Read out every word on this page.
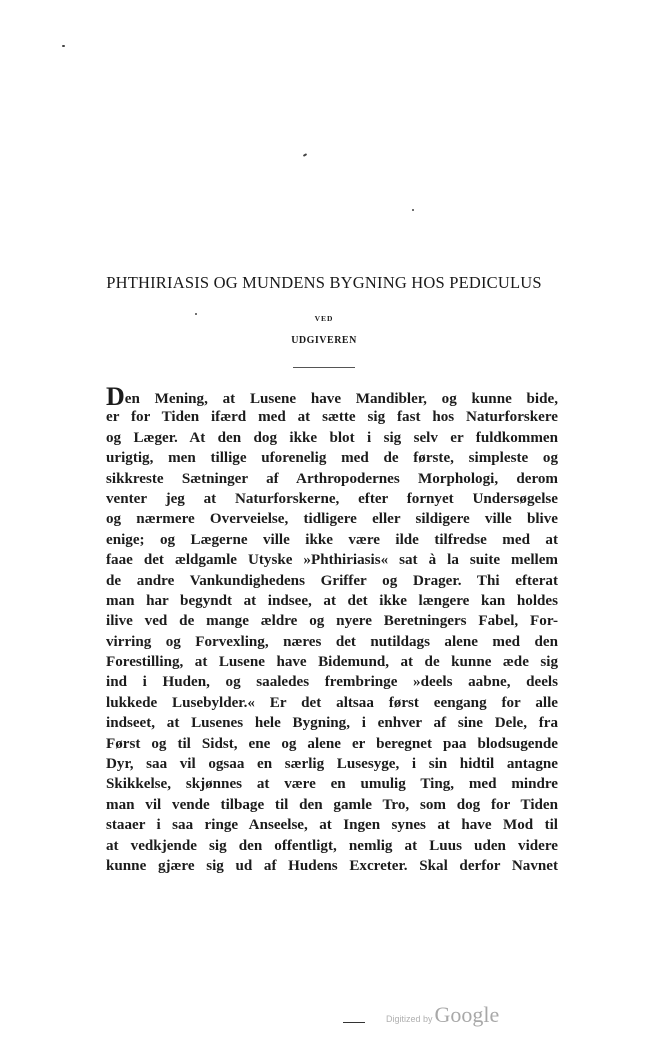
PHTHIRIASIS OG MUNDENS BYGNING HOS PEDICULUS
VED
UDGIVEREN
Den Mening, at Lusene have Mandibler, og kunne bide,
er for Tiden ifærd med at sætte sig fast hos Naturforskere
og Læger. At den dog ikke blot i sig selv er fuldkommen
urigtig, men tillige uforenelig med de første, simpleste og
sikkreste Sætninger af Arthropodernes Morphologi, derom
venter jeg at Naturforskerne, efter fornyet Undersøgelse
og nærmere Overveielse, tidligere eller sildigere ville blive
enige; og Lægerne ville ikke være ilde tilfredse med at
faae det ældgamle Utyske »Phthiriasis« sat à la suite mellem
de andre Vankundighedens Griffer og Drager. Thi efterat
man har begyndt at indsee, at det ikke længere kan holdes
ilive ved de mange ældre og nyere Beretningers Fabel, For-
virring og Forvexling, næres det nutildags alene med den
Forestilling, at Lusene have Bidemund, at de kunne æde sig
ind i Huden, og saaledes frembringe »deels aabne, deels
lukkede Lusebylder.« Er det altsaa først eengang for alle
indseet, at Lusenes hele Bygning, i enhver af sine Dele, fra
Først og til Sidst, ene og alene er beregnet paa blodsugende
Dyr, saa vil ogsaa en særlig Lusesyge, i sin hidtil antagne
Skikkelse, skjønnes at være en umulig Ting, med mindre
man vil vende tilbage til den gamle Tro, som dog for Tiden
staaer i saa ringe Anseelse, at Ingen synes at have Mod til
at vedkjende sig den offentligt, nemlig at Luus uden videre
kunne gjære sig ud af Hudens Excreter. Skal derfor Navnet
Digitized by Google
